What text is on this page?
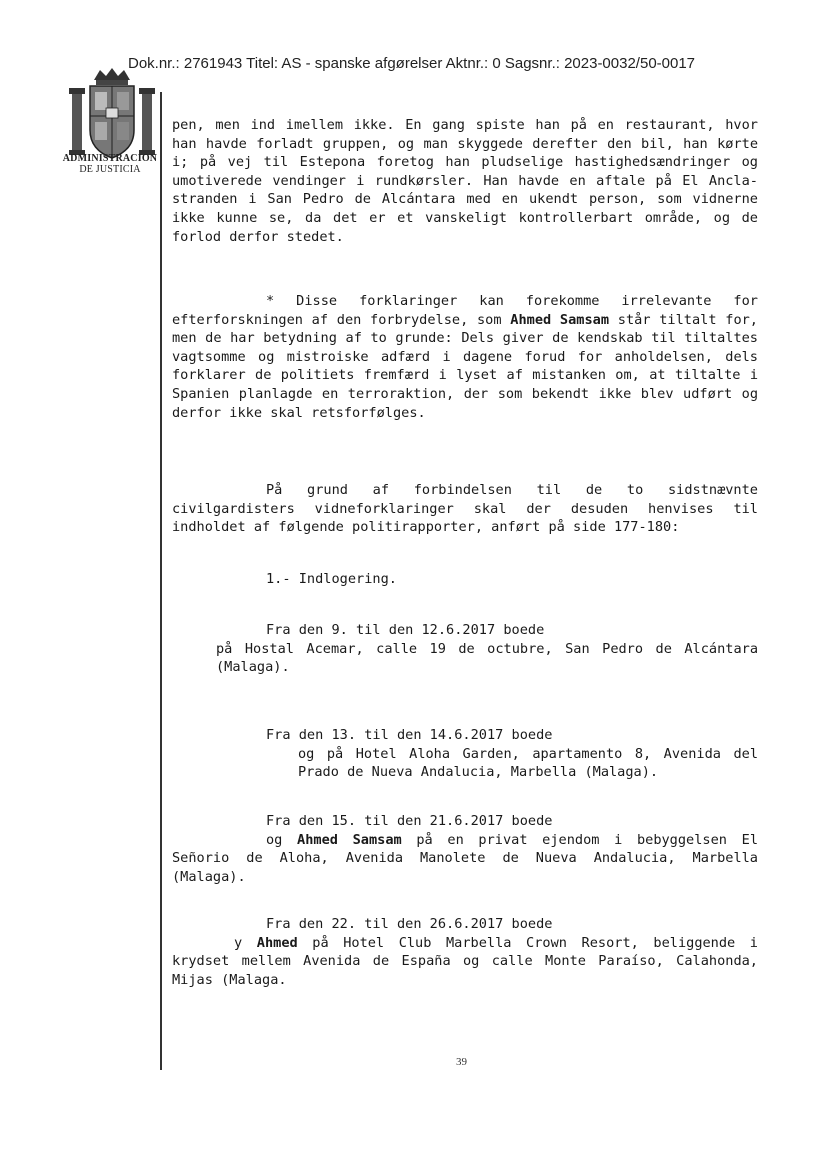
Dok.nr.: 2761943 Titel: AS - spanske afgørelser Aktnr.: 0 Sagsnr.: 2023-0032/50-0017
ADMINISTRACION
DE JUSTICIA

pen, men ind imellem ikke. En gang spiste han på en restaurant, hvor han havde forladt gruppen, og man skyggede derefter den bil, han kørte i; på vej til Estepona foretog han pludselige hastighedsændringer og umotiverede vendinger i rundkørsler. Han havde en aftale på El Ancla-stranden i San Pedro de Alcántara med en ukendt person, som vidnerne ikke kunne se, da det er et vanskeligt kontrollerbart område, og de forlod derfor stedet.

* Disse forklaringer kan forekomme irrelevante for efterforskningen af den forbrydelse, som Ahmed Samsam står tiltalt for, men de har betydning af to grunde: Dels giver de kendskab til tiltaltes vagtsomme og mistroiske adfærd i dagene forud for anholdelsen, dels forklarer de politiets fremfærd i lyset af mistanken om, at tiltalte i Spanien planlagde en terroraktion, der som bekendt ikke blev udført og derfor ikke skal retsforfølges.

På grund af forbindelsen til de to sidstnævnte civilgardisters vidneforklaringer skal der desuden henvises til indholdet af følgende politirapporter, anført på side 177-180:

1.- Indlogering.

Fra den 9. til den 12.6.2017 boede

på Hostal Acemar, calle 19 de octubre, San Pedro de Alcántara (Malaga).

Fra den 13. til den 14.6.2017 boede

og på Hotel Aloha Garden, apartamento 8, Avenida del Prado de Nueva Andalucia, Marbella (Malaga).

Fra den 15. til den 21.6.2017 boede

og Ahmed Samsam på en privat ejendom i bebyggelsen El Señorio de Aloha, Avenida Manolete de Nueva Andalucia, Marbella (Malaga).

Fra den 22. til den 26.6.2017 boede

y Ahmed på Hotel Club Marbella Crown Resort, beliggende i krydset mellem Avenida de España og calle Monte Paraíso, Calahonda, Mijas (Malaga.

39
